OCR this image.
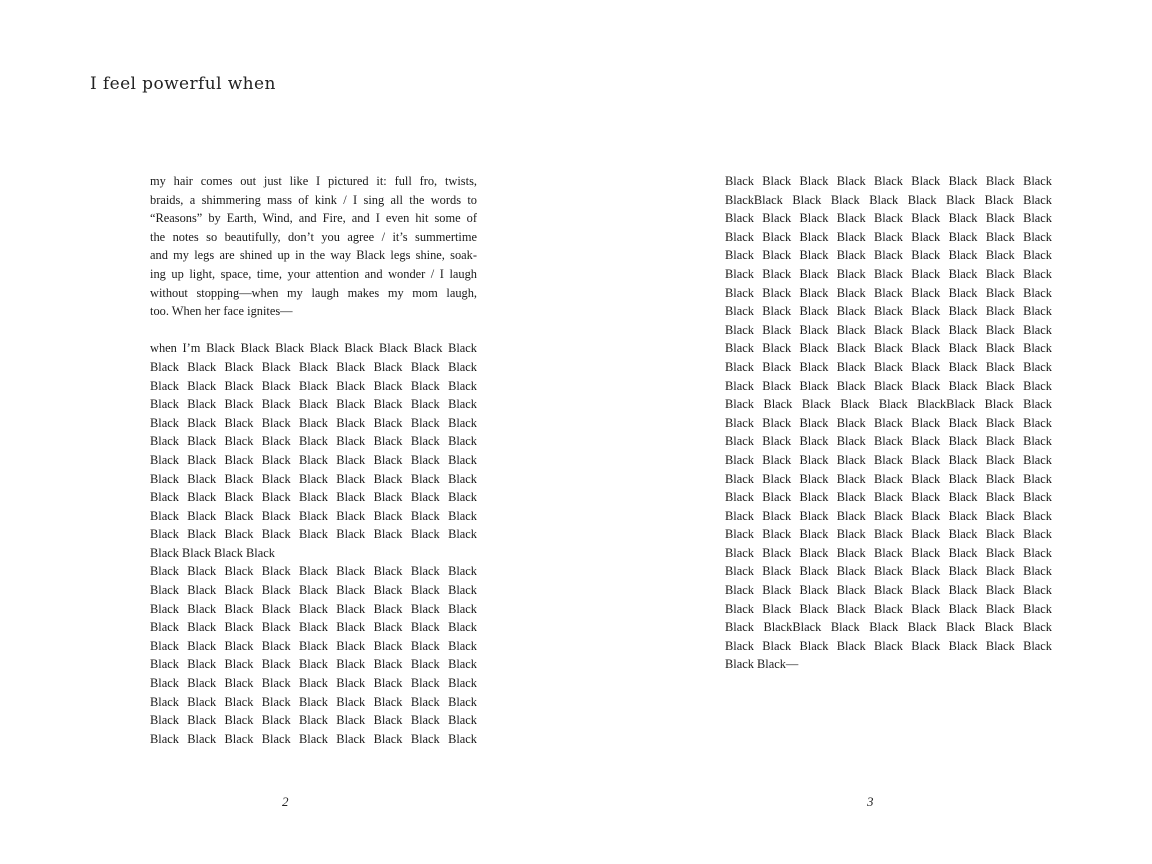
I feel powerful when
my hair comes out just like I pictured it: full fro, twists,
braids, a shimmering mass of kink / I sing all the words to
“Reasons” by Earth, Wind, and Fire, and I even hit some of
the notes so beautifully, don’t you agree / it’s summertime
and my legs are shined up in the way Black legs shine, soak-
ing up light, space, time, your attention and wonder / I laugh
without stopping—when my laugh makes my mom laugh,
too. When her face ignites—
when I’m Black Black Black Black Black Black Black Black
Black Black Black Black Black Black Black Black Black
Black Black Black Black Black Black Black Black Black
Black Black Black Black Black Black Black Black Black
Black Black Black Black Black Black Black Black Black
Black Black Black Black Black Black Black Black Black
Black Black Black Black Black Black Black Black Black
Black Black Black Black Black Black Black Black Black
Black Black Black Black Black Black Black Black Black
Black Black Black Black Black Black Black Black Black
Black Black Black Black Black Black Black Black Black
Black Black Black Black
Black Black Black Black Black Black Black Black Black
Black Black Black Black Black Black Black Black Black
Black Black Black Black Black Black Black Black Black
Black Black Black Black Black Black Black Black Black
Black Black Black Black Black Black Black Black Black
Black Black Black Black Black Black Black Black Black
Black Black Black Black Black Black Black Black Black
Black Black Black Black Black Black Black Black Black
Black Black Black Black Black Black Black Black Black
Black Black Black Black Black Black Black Black Black
Black Black Black Black Black Black Black Black Black
BlackBlack Black Black Black Black Black Black Black
Black Black Black Black Black Black Black Black Black
Black Black Black Black Black Black Black Black Black
Black Black Black Black Black Black Black Black Black
Black Black Black Black Black Black Black Black Black
Black Black Black Black Black Black Black Black Black
Black Black Black Black Black Black Black Black Black
Black Black Black Black Black Black Black Black Black
Black Black Black Black Black Black Black Black Black
Black Black Black Black Black Black Black Black Black
Black Black Black Black Black Black Black Black Black
Black Black Black Black Black BlackBlack Black Black
Black Black Black Black Black Black Black Black Black
Black Black Black Black Black Black Black Black Black
Black Black Black Black Black Black Black Black Black
Black Black Black Black Black Black Black Black Black
Black Black Black Black Black Black Black Black Black
Black Black Black Black Black Black Black Black Black
Black Black Black Black Black Black Black Black Black
Black Black Black Black Black Black Black Black Black
Black Black Black Black Black Black Black Black Black
Black Black Black Black Black Black Black Black Black
Black Black Black Black Black Black Black Black Black
Black BlackBlack Black Black Black Black Black Black
Black Black Black Black Black Black Black Black Black
Black Black—
2	3
